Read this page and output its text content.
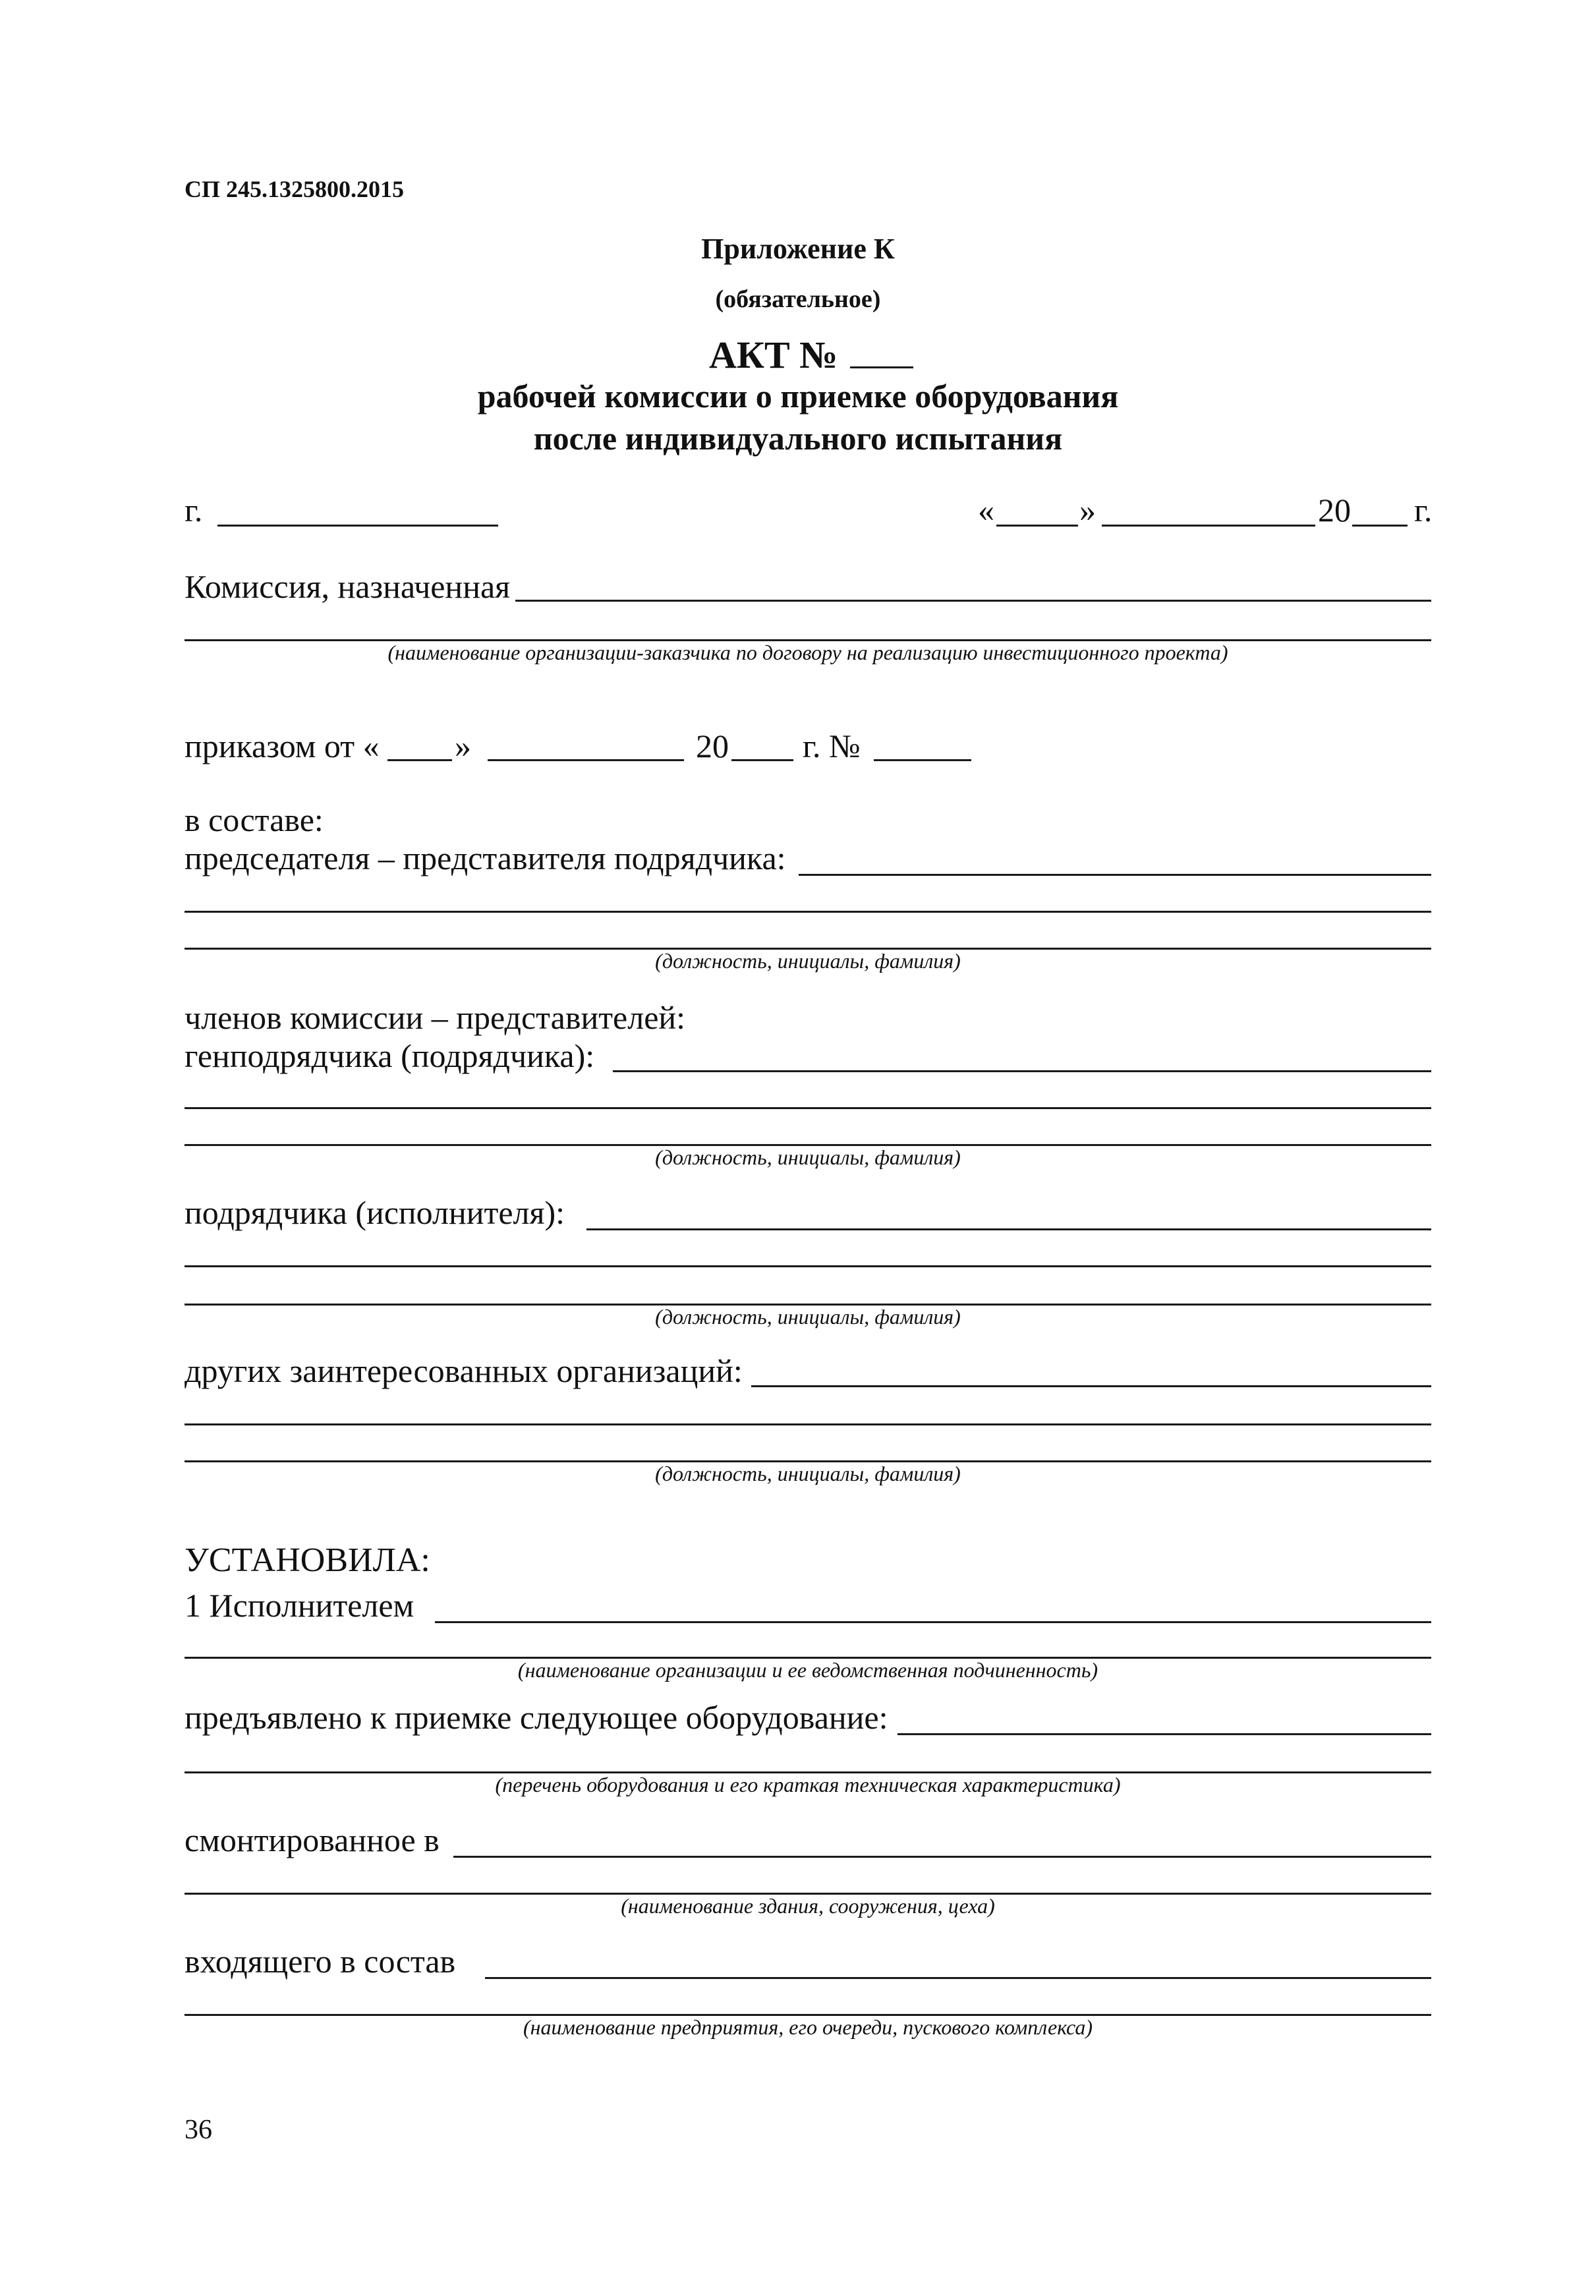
СП 245.1325800.2015
Приложение К
(обязательное)
АКТ №
рабочей комиссии о приемке оборудования
после индивидуального испытания
г.	«	»	20 г.
Комиссия, назначенная
(наименование организации-заказчика по договору на реализацию инвестиционного проекта)
приказом от « »	20 г. №
в составе:
председателя – представителя подрядчика:
(должность, инициалы, фамилия)
членов комиссии – представителей:
генподрядчика (подрядчика):
(должность, инициалы, фамилия)
подрядчика (исполнителя):
(должность, инициалы, фамилия)
других заинтересованных организаций:
(должность, инициалы, фамилия)
УСТАНОВИЛА:
1 Исполнителем
(наименование организации и ее ведомственная подчиненность)
предъявлено к приемке следующее оборудование:
(перечень оборудования и его краткая техническая характеристика)
смонтированное в
(наименование здания, сооружения, цеха)
входящего в состав
(наименование предприятия, его очереди, пускового комплекса)
36
